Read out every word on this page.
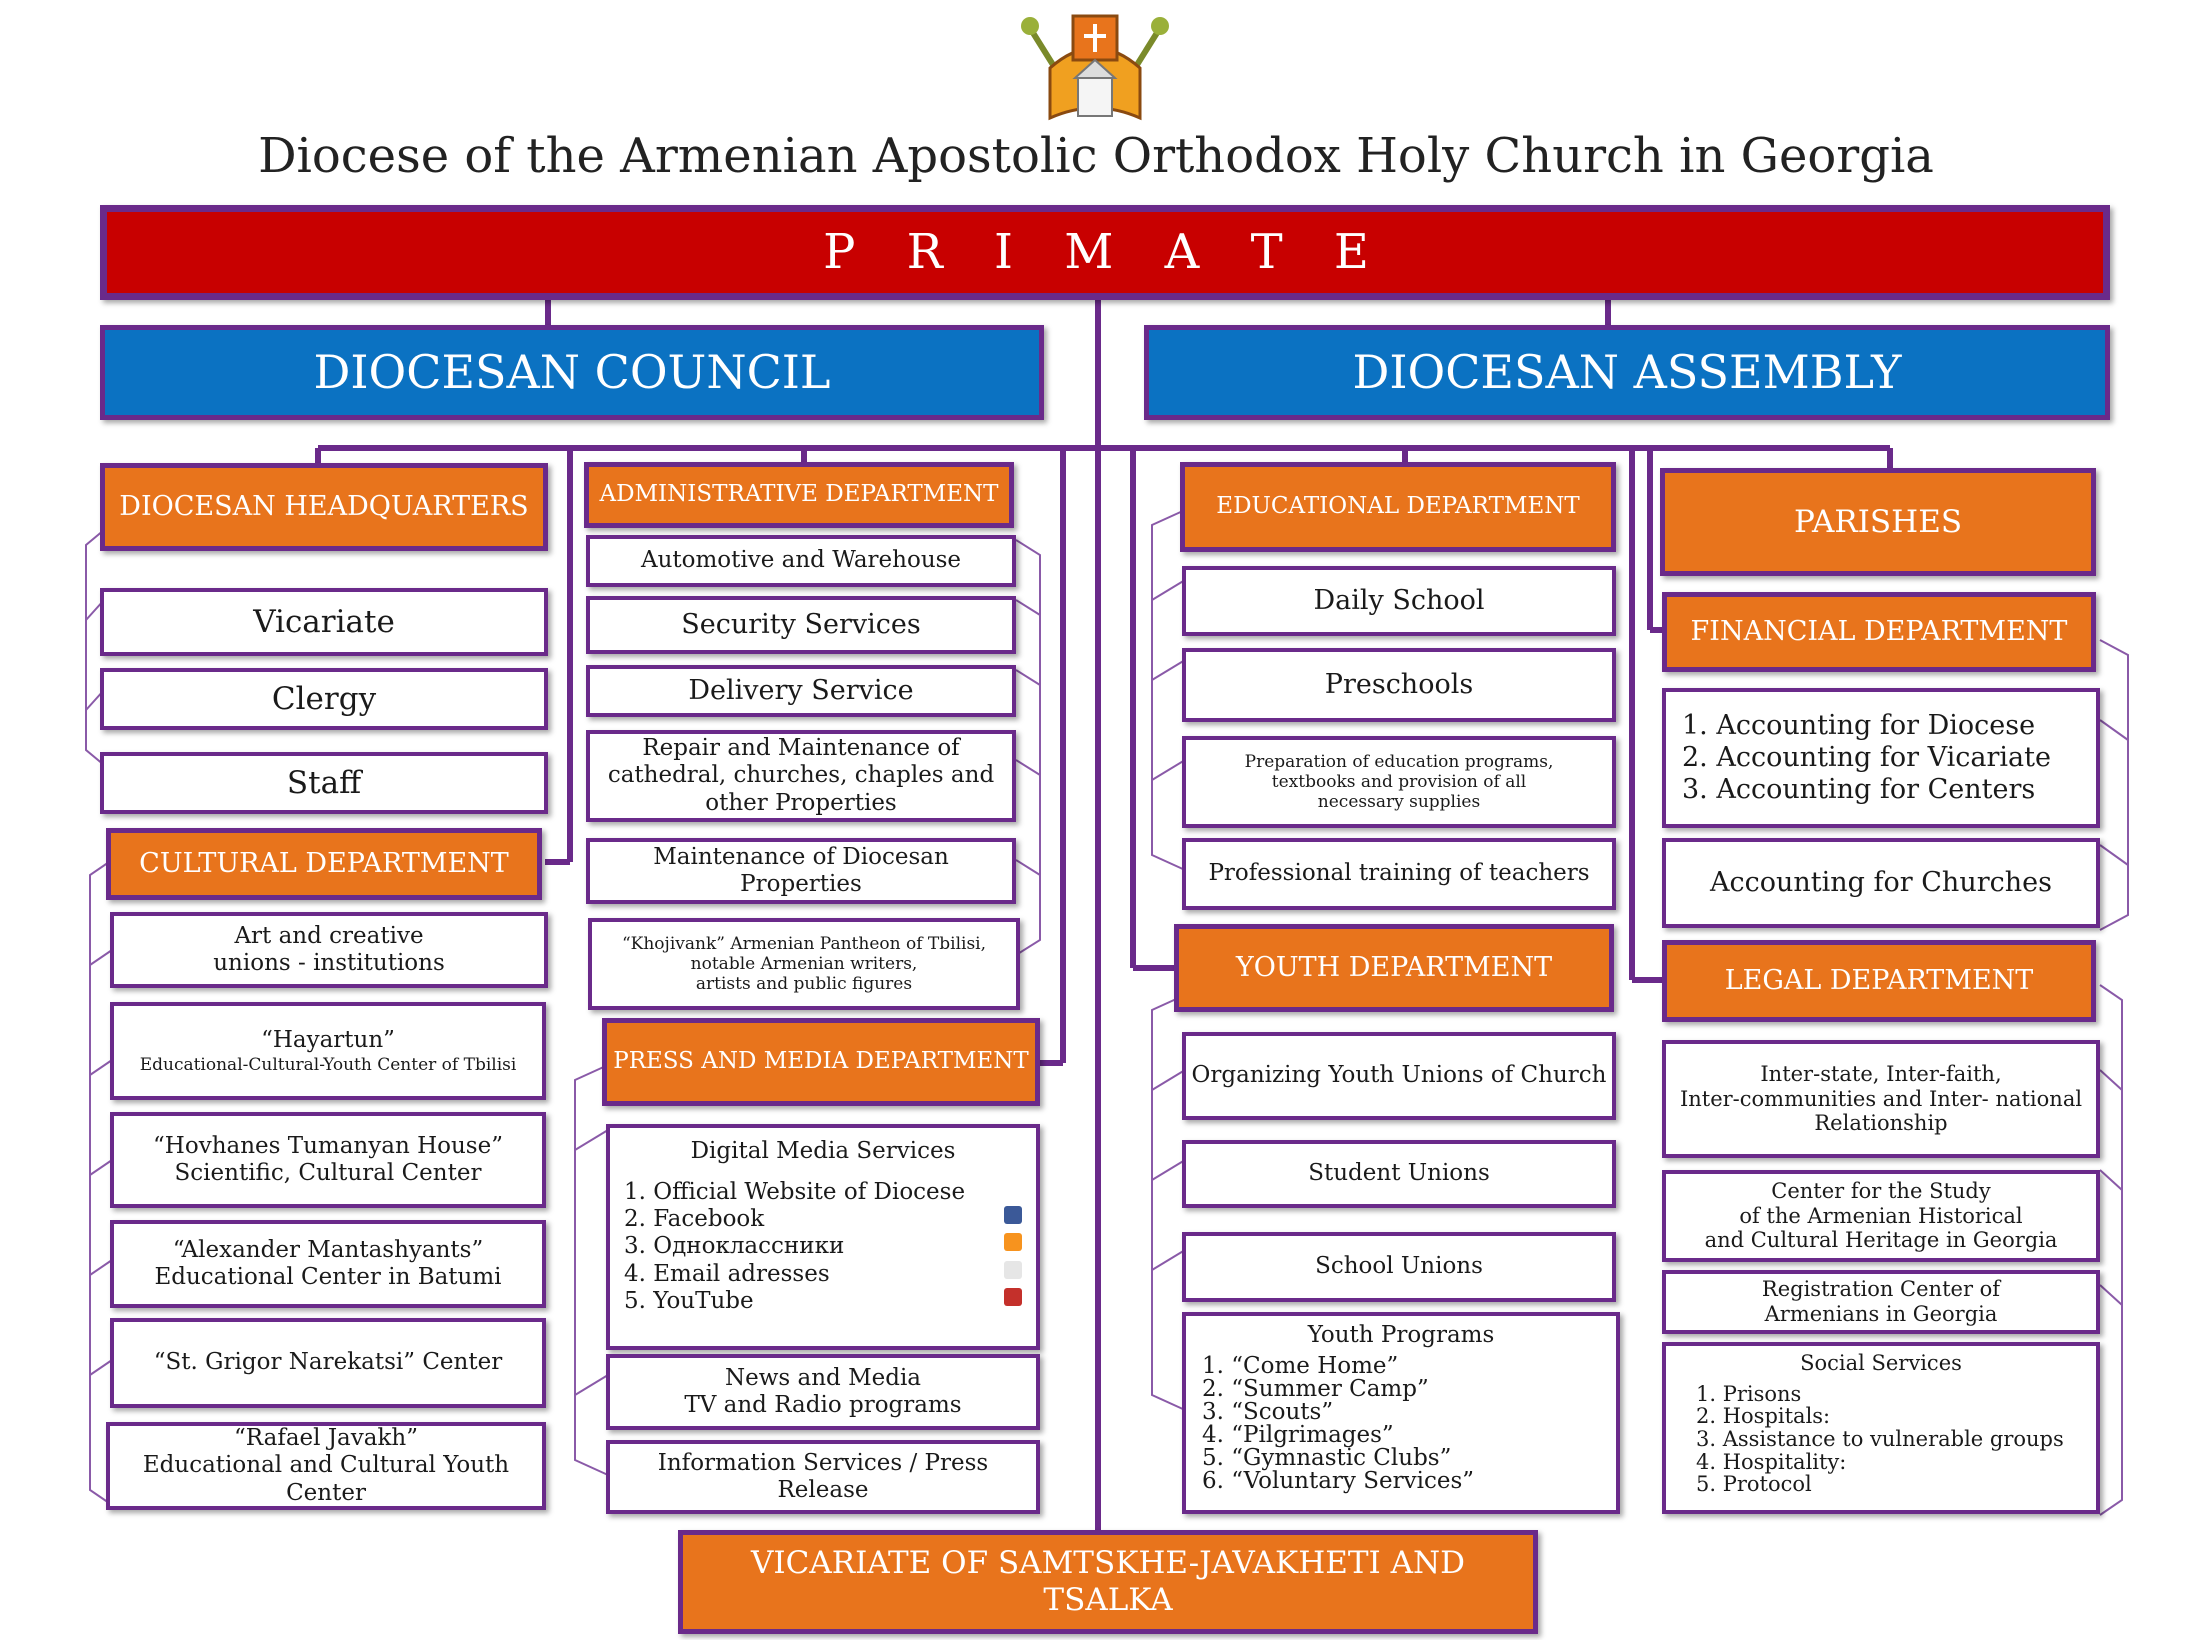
Diocese of the Armenian Apostolic Orthodox Holy Church in Georgia
P R I M A T E
DIOCESAN COUNCIL	DIOCESAN ASSEMBLY
DIOCESAN HEADQUARTERS
Vicariate
Clergy
Staff
CULTURAL DEPARTMENT
Art and creative
unions - institutions
“Hayartun”
Educational-Cultural-Youth Center of Tbilisi
“Hovhanes Tumanyan House”
Scientific, Cultural Center
“Alexander Mantashyants”
Educational Center in Batumi
“St. Grigor Narekatsi” Center
“Rafael Javakh”
Educational and Cultural Youth Center
ADMINISTRATIVE DEPARTMENT
Automotive and Warehouse
Security Services
Delivery Service
Repair and Maintenance of cathedral, churches, chaples and other Properties
Maintenance of Diocesan Properties
“Khojivank” Armenian Pantheon of Tbilisi,
notable Armenian writers,
artists and public figures
PRESS AND MEDIA DEPARTMENT
Digital Media Services
1. Official Website of Diocese
2. Facebook
3. Одноклассники
4. Email adresses
5. YouTube
News and Media
TV and Radio programs
Information Services / Press Release
EDUCATIONAL DEPARTMENT
Daily School
Preschools
Preparation of education programs,
textbooks and provision of all
necessary supplies
Professional training of teachers
YOUTH DEPARTMENT
Organizing Youth Unions of Church
Student Unions
School Unions
Youth Programs
1. “Come Home”
2. “Summer Camp”
3. “Scouts”
4. “Pilgrimages”
5. “Gymnastic Clubs”
6. “Voluntary Services”
PARISHES
FINANCIAL DEPARTMENT
1. Accounting for Diocese
2. Accounting for Vicariate
3. Accounting for Centers
Accounting for Churches
LEGAL DEPARTMENT
Inter-state, Inter-faith,
Inter-communities and Inter- national
Relationship
Center for the Study
of the Armenian Historical
and Cultural Heritage in Georgia
Registration Center of
Armenians in Georgia
Social Services
1. Prisons
2. Hospitals:
3. Assistance to vulnerable groups
4. Hospitality:
5. Protocol
VICARIATE OF SAMTSKHE-JAVAKHETI AND TSALKA
